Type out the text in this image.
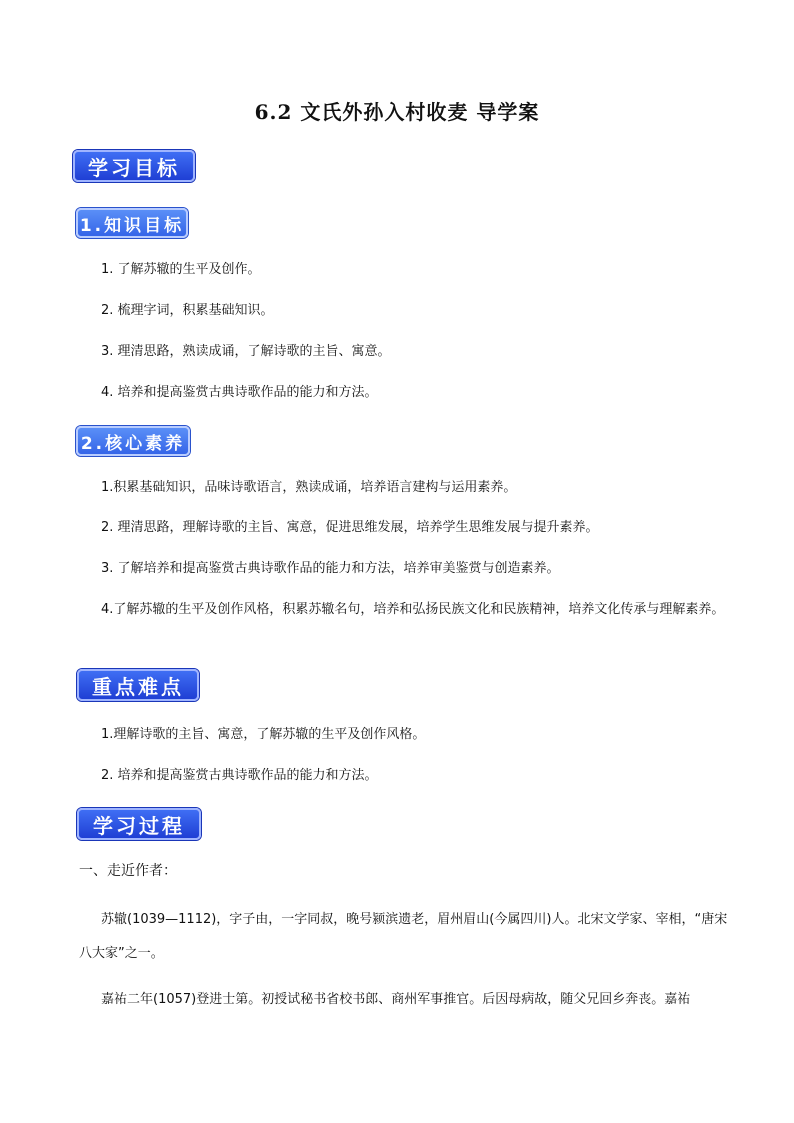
6.2 文氏外孙入村收麦 导学案
学习目标
1.知识目标
1. 了解苏辙的生平及创作。
2. 梳理字词，积累基础知识。
3. 理清思路，熟读成诵，了解诗歌的主旨、寓意。
4. 培养和提高鉴赏古典诗歌作品的能力和方法。
2.核心素养
1.积累基础知识，品味诗歌语言，熟读成诵，培养语言建构与运用素养。
2. 理清思路，理解诗歌的主旨、寓意，促进思维发展，培养学生思维发展与提升素养。
3. 了解培养和提高鉴赏古典诗歌作品的能力和方法，培养审美鉴赏与创造素养。
4.了解苏辙的生平及创作风格，积累苏辙名句，培养和弘扬民族文化和民族精神，培养文化传承与理解素养。
重点难点
1.理解诗歌的主旨、寓意，了解苏辙的生平及创作风格。
2. 培养和提高鉴赏古典诗歌作品的能力和方法。
学习过程
一、走近作者：
苏辙(1039—1112)，字子由，一字同叔，晚号颍滨遗老，眉州眉山(今属四川)人。北宋文学家、宰相，“唐宋八大家”之一。
嘉祐二年(1057)登进士第。初授试秘书省校书郎、商州军事推官。后因母病故，随父兄回乡奔丧。嘉祐
